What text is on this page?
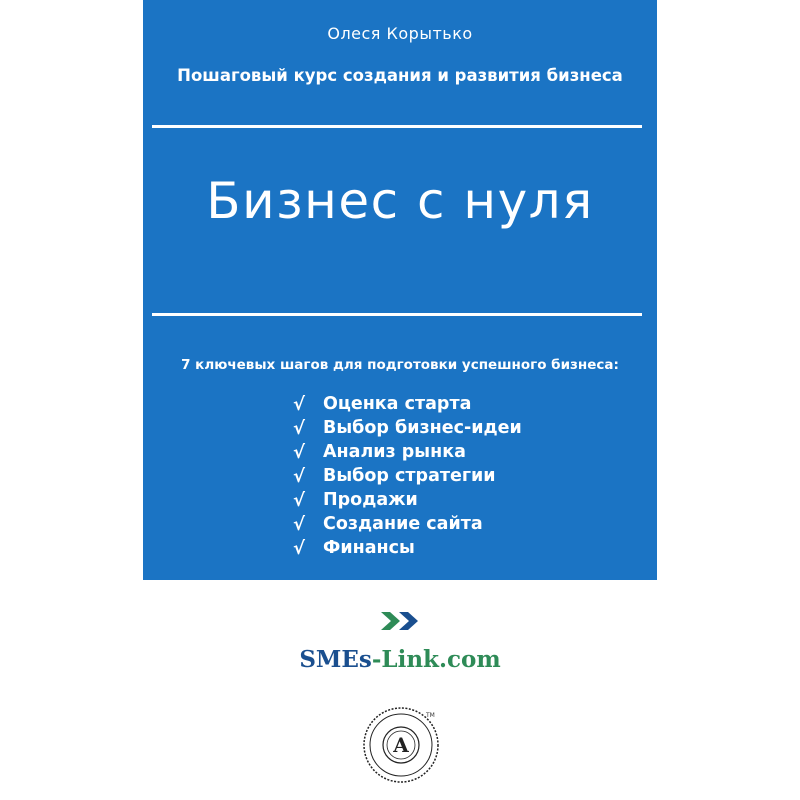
Олеся Корытько
Пошаговый курс создания и развития бизнеса
Бизнес с нуля
7 ключевых шагов для подготовки успешного бизнеса:
√	Оценка старта
√	Выбор бизнес-идеи
√	Анализ рынка
√	Выбор стратегии
√	Продажи
√	Создание сайта
√	Финансы
SMEs-Link.com
А
TM
